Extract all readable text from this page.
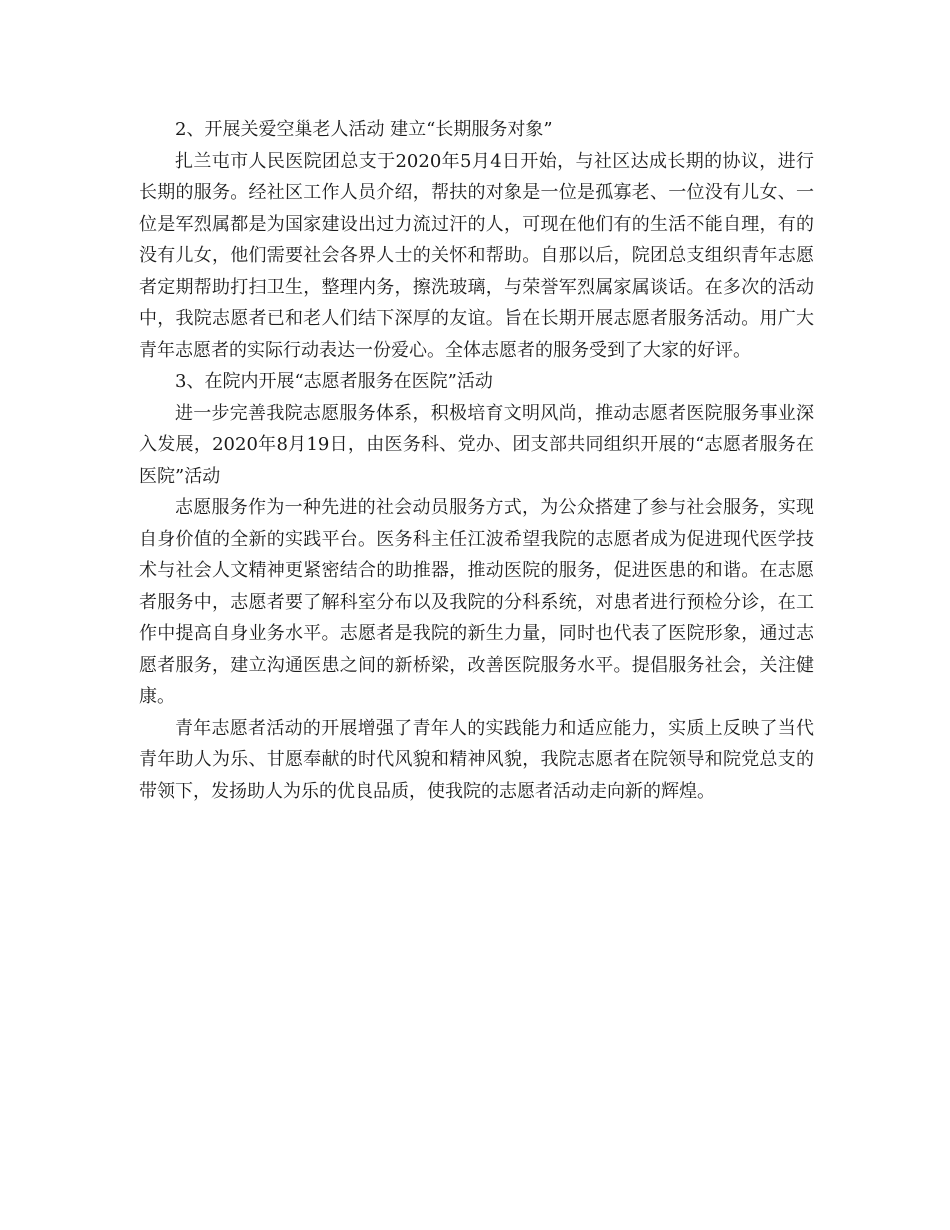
2、开展关爱空巢老人活动 建立“长期服务对象”

扎兰屯市人民医院团总支于2020年5月4日开始，与社区达成长期的协议，进行长期的服务。经社区工作人员介绍，帮扶的对象是一位是孤寡老、一位没有儿女、一位是军烈属都是为国家建设出过力流过汗的人，可现在他们有的生活不能自理，有的没有儿女，他们需要社会各界人士的关怀和帮助。自那以后，院团总支组织青年志愿者定期帮助打扫卫生，整理内务，擦洗玻璃，与荣誉军烈属家属谈话。在多次的活动中，我院志愿者已和老人们结下深厚的友谊。旨在长期开展志愿者服务活动。用广大青年志愿者的实际行动表达一份爱心。全体志愿者的服务受到了大家的好评。

3、在院内开展“志愿者服务在医院”活动

进一步完善我院志愿服务体系，积极培育文明风尚，推动志愿者医院服务事业深入发展，2020年8月19日，由医务科、党办、团支部共同组织开展的“志愿者服务在医院”活动

志愿服务作为一种先进的社会动员服务方式，为公众搭建了参与社会服务，实现自身价值的全新的实践平台。医务科主任江波希望我院的志愿者成为促进现代医学技术与社会人文精神更紧密结合的助推器，推动医院的服务，促进医患的和谐。在志愿者服务中，志愿者要了解科室分布以及我院的分科系统，对患者进行预检分诊，在工作中提高自身业务水平。志愿者是我院的新生力量，同时也代表了医院形象，通过志愿者服务，建立沟通医患之间的新桥梁，改善医院服务水平。提倡服务社会，关注健康。

青年志愿者活动的开展增强了青年人的实践能力和适应能力，实质上反映了当代青年助人为乐、甘愿奉献的时代风貌和精神风貌，我院志愿者在院领导和院党总支的带领下，发扬助人为乐的优良品质，使我院的志愿者活动走向新的辉煌。
